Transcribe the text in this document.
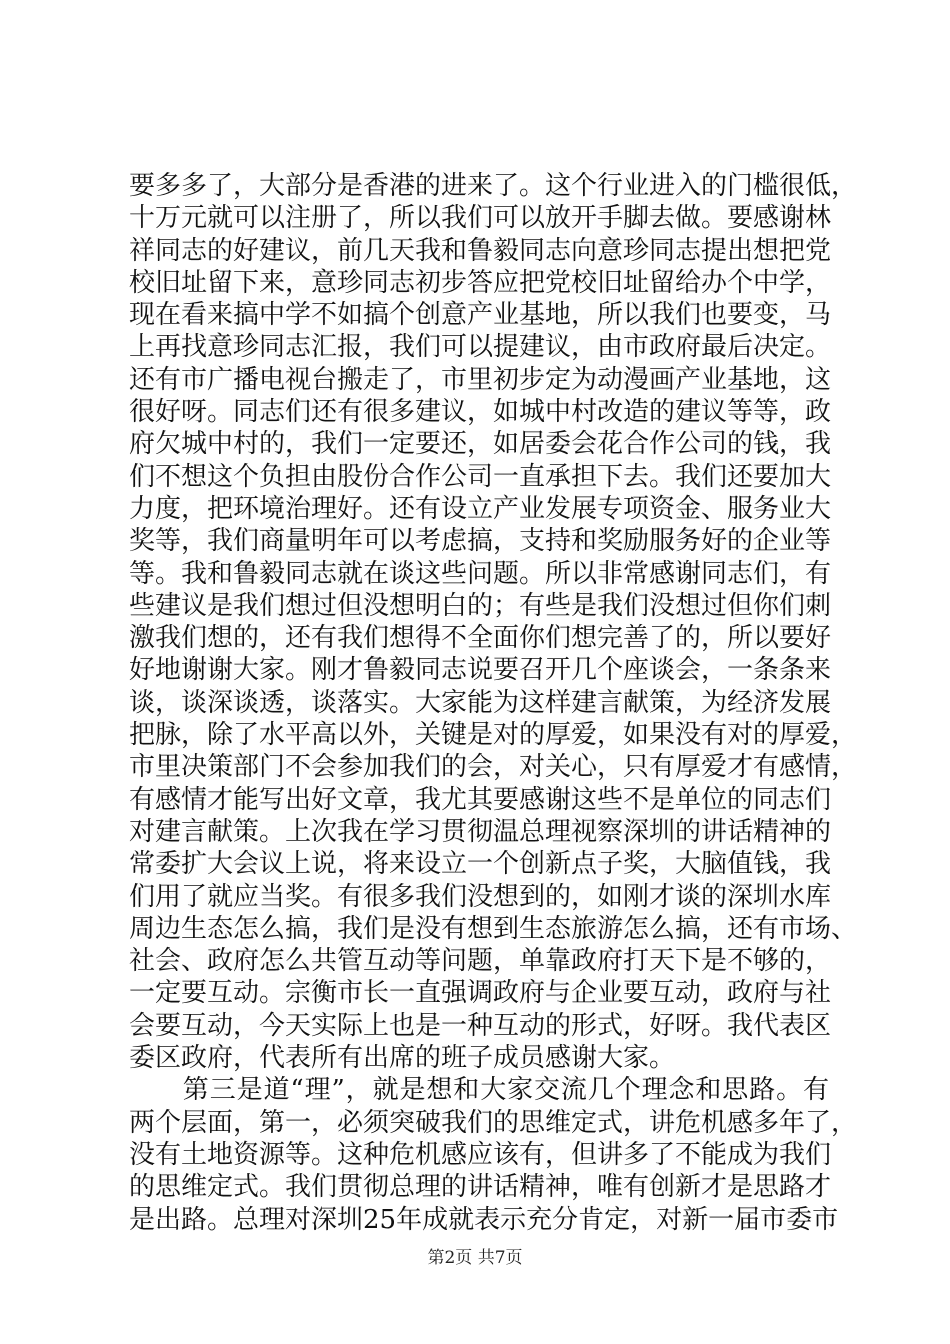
要多多了，大部分是香港的进来了。这个行业进入的门槛很低，
十万元就可以注册了，所以我们可以放开手脚去做。要感谢林
祥同志的好建议，前几天我和鲁毅同志向意珍同志提出想把党
校旧址留下来，意珍同志初步答应把党校旧址留给办个中学，
现在看来搞中学不如搞个创意产业基地，所以我们也要变，马
上再找意珍同志汇报，我们可以提建议，由市政府最后决定。
还有市广播电视台搬走了，市里初步定为动漫画产业基地，这
很好呀。同志们还有很多建议，如城中村改造的建议等等，政
府欠城中村的，我们一定要还，如居委会花合作公司的钱，我
们不想这个负担由股份合作公司一直承担下去。我们还要加大
力度，把环境治理好。还有设立产业发展专项资金、服务业大
奖等，我们商量明年可以考虑搞，支持和奖励服务好的企业等
等。我和鲁毅同志就在谈这些问题。所以非常感谢同志们，有
些建议是我们想过但没想明白的；有些是我们没想过但你们刺
激我们想的，还有我们想得不全面你们想完善了的，所以要好
好地谢谢大家。刚才鲁毅同志说要召开几个座谈会，一条条来
谈，谈深谈透，谈落实。大家能为这样建言献策，为经济发展
把脉，除了水平高以外，关键是对的厚爱，如果没有对的厚爱，
市里决策部门不会参加我们的会，对关心，只有厚爱才有感情，
有感情才能写出好文章，我尤其要感谢这些不是单位的同志们
对建言献策。上次我在学习贯彻温总理视察深圳的讲话精神的
常委扩大会议上说，将来设立一个创新点子奖，大脑值钱，我
们用了就应当奖。有很多我们没想到的，如刚才谈的深圳水库
周边生态怎么搞，我们是没有想到生态旅游怎么搞，还有市场、
社会、政府怎么共管互动等问题，单靠政府打天下是不够的，
一定要互动。宗衡市长一直强调政府与企业要互动，政府与社
会要互动，今天实际上也是一种互动的形式，好呀。我代表区
委区政府，代表所有出席的班子成员感谢大家。
　　第三是道“理”，就是想和大家交流几个理念和思路。有
两个层面，第一，必须突破我们的思维定式，讲危机感多年了，
没有土地资源等。这种危机感应该有，但讲多了不能成为我们
的思维定式。我们贯彻总理的讲话精神，唯有创新才是思路才
是出路。总理对深圳25年成就表示充分肯定，对新一届市委市
第2页 共7页
